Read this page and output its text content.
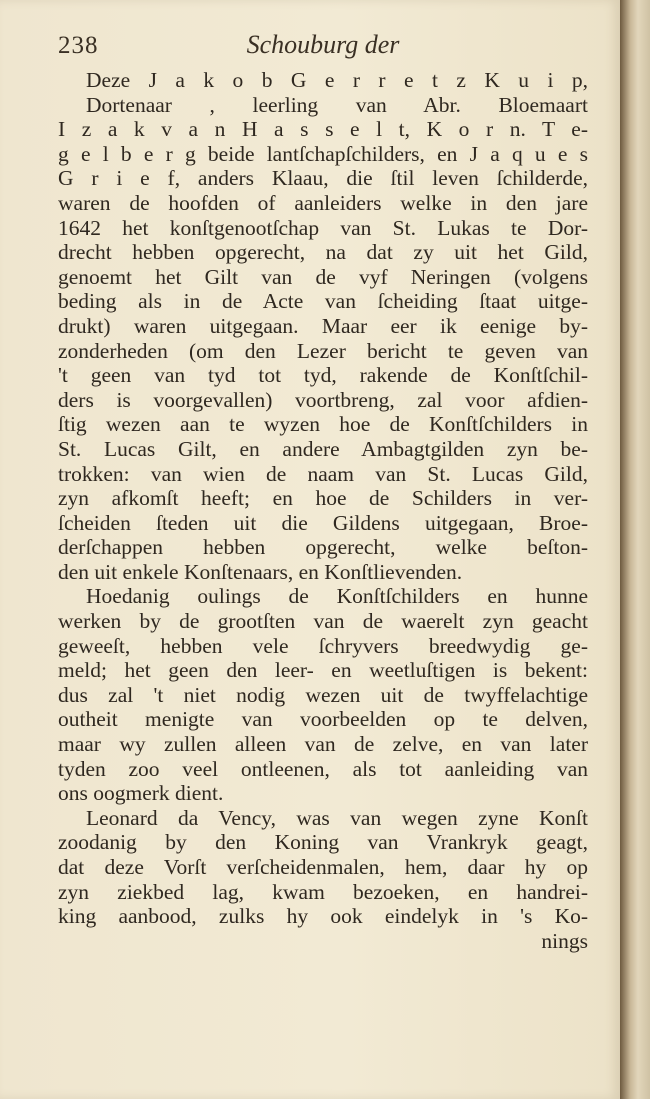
238	Schouburg der
Deze J a k o b G e r r e t z K u i p,
Dortenaar , leerling van Abr. Bloemaart
I z a k v a n H a s s e l t, K o r n. T e-
g e l b e r g beide lantſchapſchilders, en J a q u e s
G r i e f, anders Klaau, die ſtil leven ſchilderde,
waren de hoofden of aanleiders welke in den jare
1642 het konſtgenootſchap van St. Lukas te Dor-
drecht hebben opgerecht, na dat zy uit het Gild,
genoemt het Gilt van de vyf Neringen (volgens
beding als in de Acte van ſcheiding ſtaat uitge-
drukt) waren uitgegaan. Maar eer ik eenige by-
zonderheden (om den Lezer bericht te geven van
't geen van tyd tot tyd, rakende de Konſtſchil-
ders is voorgevallen) voortbreng, zal voor afdien-
ſtig wezen aan te wyzen hoe de Konſtſchilders in
St. Lucas Gilt, en andere Ambagtgilden zyn be-
trokken: van wien de naam van St. Lucas Gild,
zyn afkomſt heeft; en hoe de Schilders in ver-
ſcheiden ſteden uit die Gildens uitgegaan, Broe-
derſchappen hebben opgerecht, welke beſton-
den uit enkele Konſtenaars, en Konſtlievenden.
Hoedanig oulings de Konſtſchilders en hunne
werken by de grootſten van de waerelt zyn geacht
geweeſt, hebben vele ſchryvers breedwydig ge-
meld; het geen den leer- en weetluſtigen is bekent:
dus zal 't niet nodig wezen uit de twyffelachtige
outheit menigte van voorbeelden op te delven,
maar wy zullen alleen van de zelve, en van later
tyden zoo veel ontleenen, als tot aanleiding van
ons oogmerk dient.
Leonard da Vency, was van wegen zyne Konſt
zoodanig by den Koning van Vrankryk geagt,
dat deze Vorſt verſcheidenmalen, hem, daar hy op
zyn ziekbed lag, kwam bezoeken, en handrei-
king aanbood, zulks hy ook eindelyk in 's Ko-
nings
